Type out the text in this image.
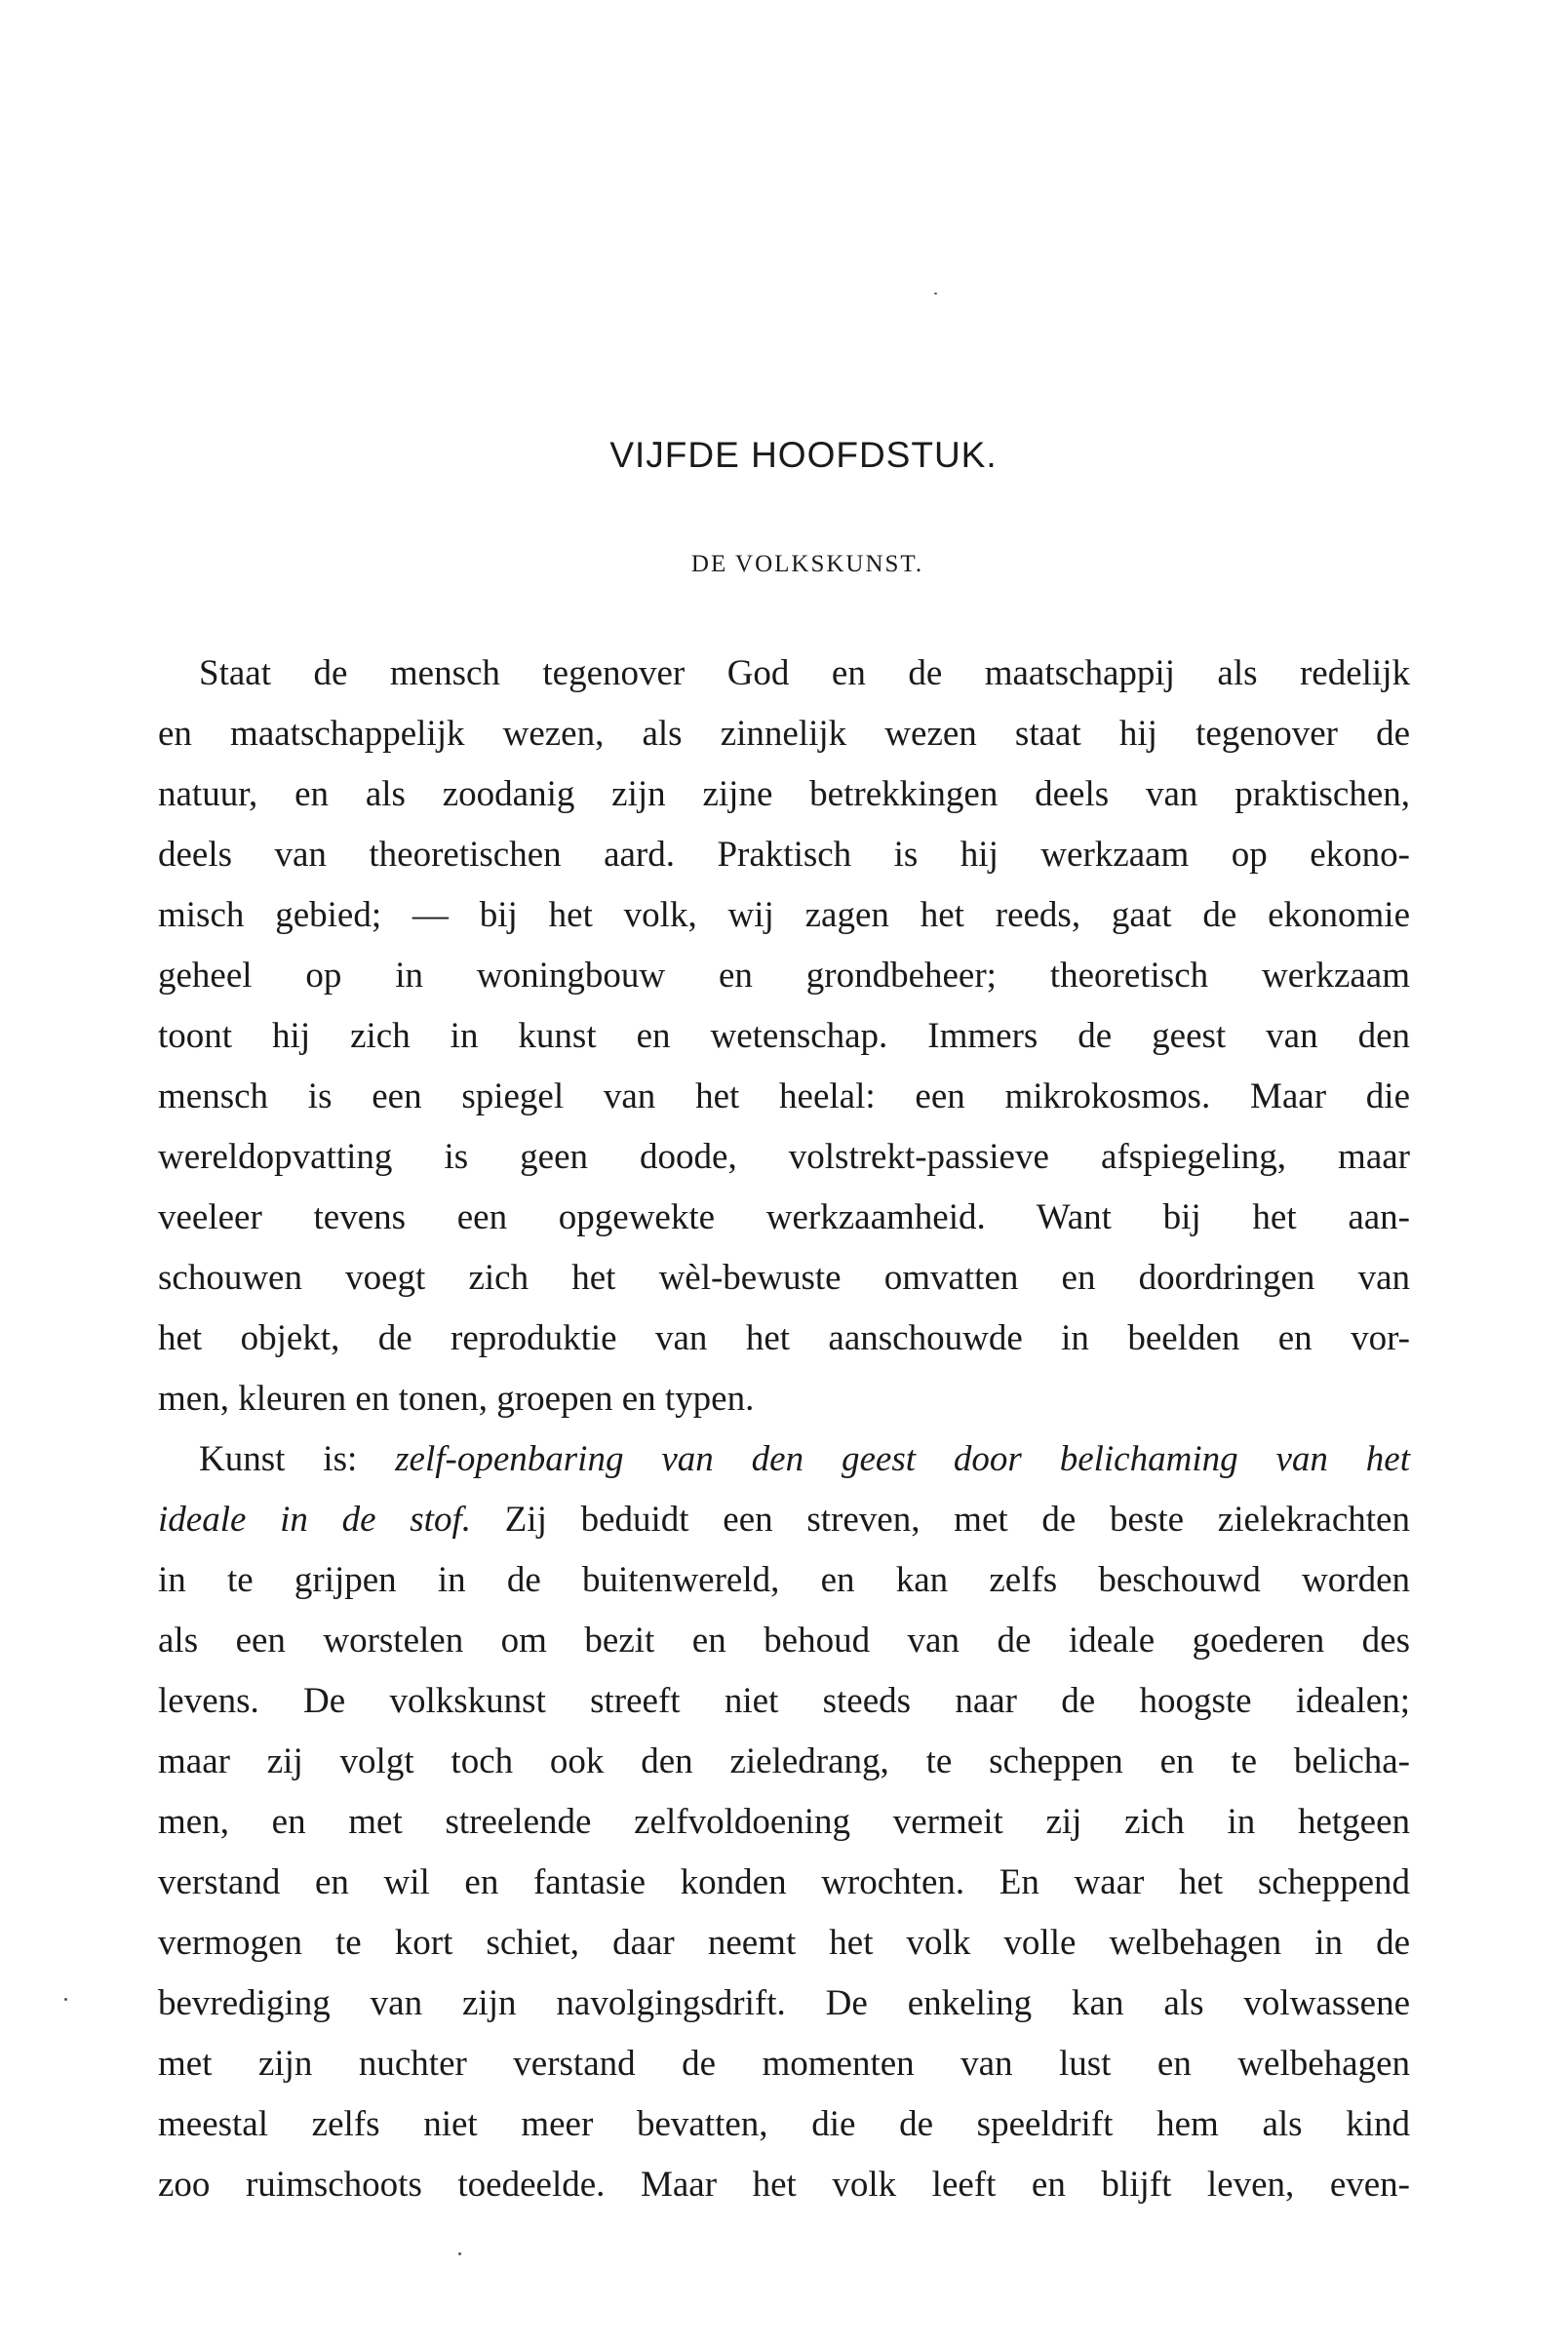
VIJFDE HOOFDSTUK.
DE VOLKSKUNST.
Staat de mensch tegenover God en de maatschappij als redelijk
en maatschappelijk wezen, als zinnelijk wezen staat hij tegenover de
natuur, en als zoodanig zijn zijne betrekkingen deels van praktischen,
deels van theoretischen aard. Praktisch is hij werkzaam op ekono-
misch gebied; — bij het volk, wij zagen het reeds, gaat de ekonomie
geheel op in woningbouw en grondbeheer; theoretisch werkzaam
toont hij zich in kunst en wetenschap. Immers de geest van den
mensch is een spiegel van het heelal: een mikrokosmos. Maar die
wereldopvatting is geen doode, volstrekt-passieve afspiegeling, maar
veeleer tevens een opgewekte werkzaamheid. Want bij het aan-
schouwen voegt zich het wèl-bewuste omvatten en doordringen van
het objekt, de reproduktie van het aanschouwde in beelden en vor-
men, kleuren en tonen, groepen en typen.
Kunst is: zelf-openbaring van den geest door belichaming van het
ideale in de stof. Zij beduidt een streven, met de beste zielekrachten
in te grijpen in de buitenwereld, en kan zelfs beschouwd worden
als een worstelen om bezit en behoud van de ideale goederen des
levens. De volkskunst streeft niet steeds naar de hoogste idealen;
maar zij volgt toch ook den zieledrang, te scheppen en te belicha-
men, en met streelende zelfvoldoening vermeit zij zich in hetgeen
verstand en wil en fantasie konden wrochten. En waar het scheppend
vermogen te kort schiet, daar neemt het volk volle welbehagen in de
bevrediging van zijn navolgingsdrift. De enkeling kan als volwassene
met zijn nuchter verstand de momenten van lust en welbehagen
meestal zelfs niet meer bevatten, die de speeldrift hem als kind
zoo ruimschoots toedeelde. Maar het volk leeft en blijft leven, even-
